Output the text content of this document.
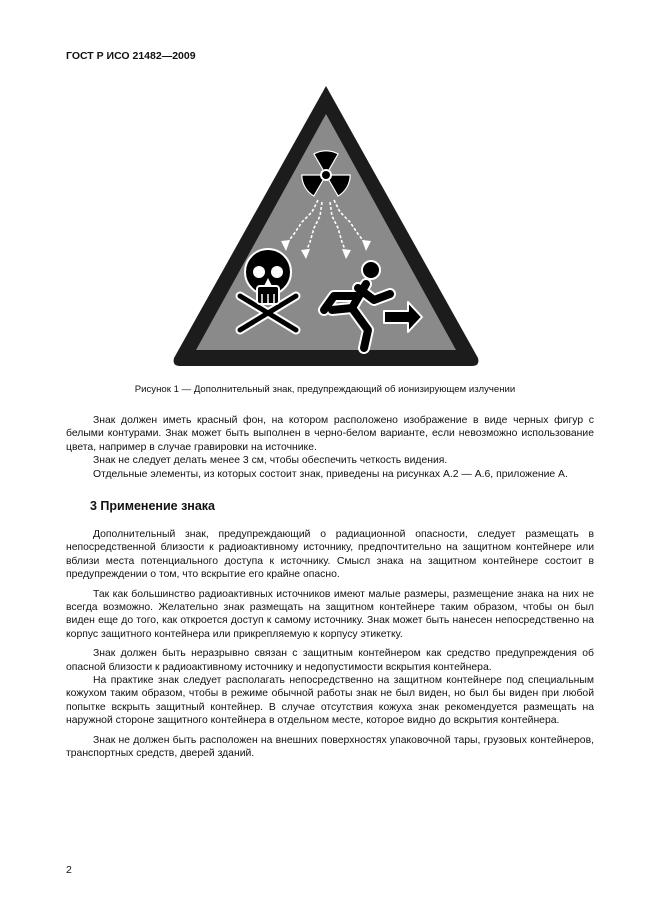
ГОСТ Р ИСО 21482—2009
Рисунок 1 — Дополнительный знак, предупреждающий об ионизирующем излучении

Знак должен иметь красный фон, на котором расположено изображение в виде черных фигур с белыми контурами. Знак может быть выполнен в черно-белом варианте, если невозможно использование цвета, например в случае гравировки на источнике.

Знак не следует делать менее 3 см, чтобы обеспечить четкость видения.

Отдельные элементы, из которых состоит знак, приведены на рисунках А.2 — А.6, приложение А.

3 Применение знака

Дополнительный знак, предупреждающий о радиационной опасности, следует размещать в непосредственной близости к радиоактивному источнику, предпочтительно на защитном контейнере или вблизи места потенциального доступа к источнику. Смысл знака на защитном контейнере состоит в предупреждении о том, что вскрытие его крайне опасно.

Так как большинство радиоактивных источников имеют малые размеры, размещение знака на них не всегда возможно. Желательно знак размещать на защитном контейнере таким образом, чтобы он был виден еще до того, как откроется доступ к самому источнику. Знак может быть нанесен непосредственно на корпус защитного контейнера или прикрепляемую к корпусу этикетку.

Знак должен быть неразрывно связан с защитным контейнером как средство предупреждения об опасной близости к радиоактивному источнику и недопустимости вскрытия контейнера.

На практике знак следует располагать непосредственно на защитном контейнере под специальным кожухом таким образом, чтобы в режиме обычной работы знак не был виден, но был бы виден при любой попытке вскрыть защитный контейнер. В случае отсутствия кожуха знак рекомендуется размещать на наружной стороне защитного контейнера в отдельном месте, которое видно до вскрытия контейнера.

Знак не должен быть расположен на внешних поверхностях упаковочной тары, грузовых контейнеров, транспортных средств, дверей зданий.

2
